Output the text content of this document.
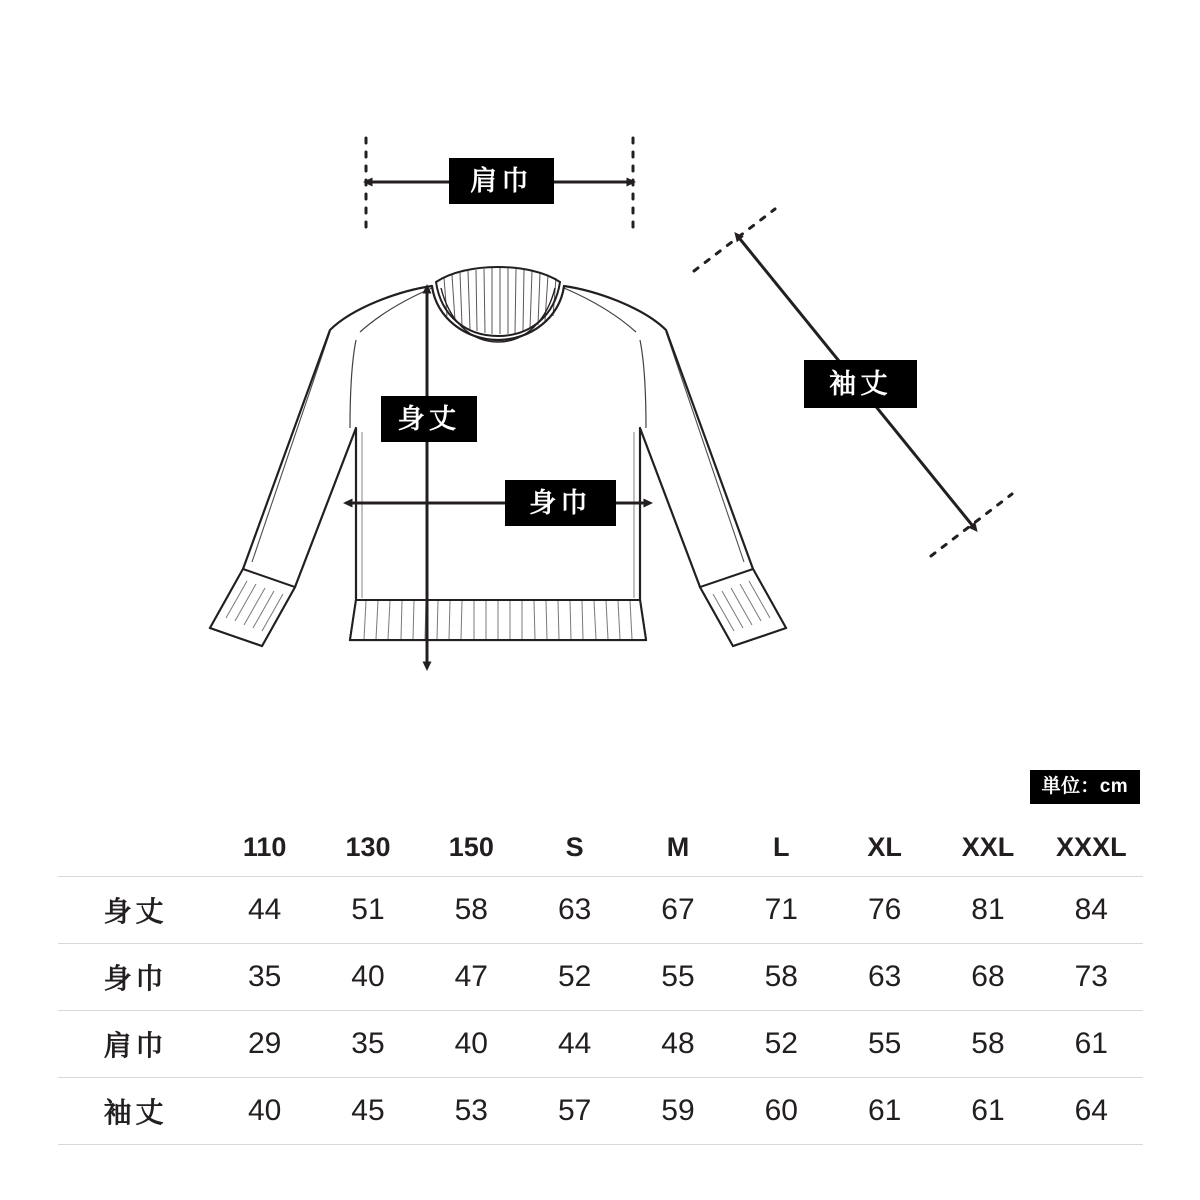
肩巾
身丈
身巾
袖丈
単位：cm
	110	130	150	S	M	L	XL	XXL	XXXL
身丈	44	51	58	63	67	71	76	81	84
身巾	35	40	47	52	55	58	63	68	73
肩巾	29	35	40	44	48	52	55	58	61
袖丈	40	45	53	57	59	60	61	61	64
